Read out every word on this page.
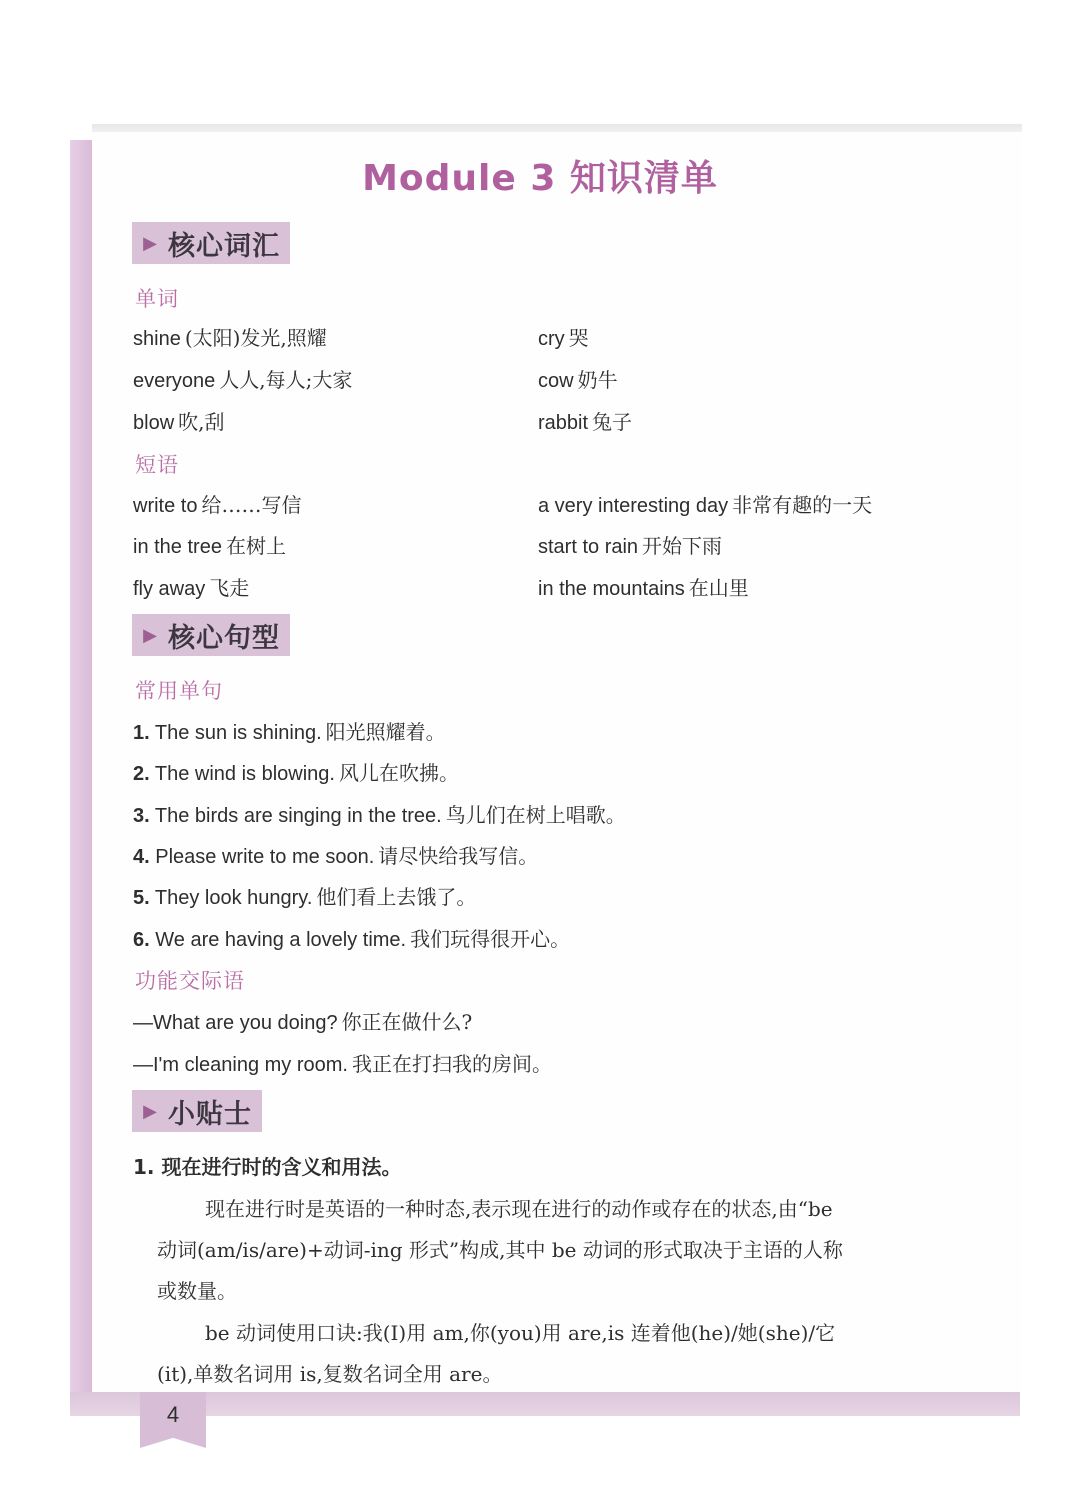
Module 3 知识清单
▶ 核心词汇
单词
shine (太阳)发光,照耀	cry 哭
everyone 人人,每人;大家	cow 奶牛
blow 吹,刮	rabbit 兔子
短语
write to 给……写信	a very interesting day 非常有趣的一天
in the tree 在树上	start to rain 开始下雨
fly away 飞走	in the mountains 在山里
▶ 核心句型
常用单句
1. The sun is shining. 阳光照耀着。
2. The wind is blowing. 风儿在吹拂。
3. The birds are singing in the tree. 鸟儿们在树上唱歌。
4. Please write to me soon. 请尽快给我写信。
5. They look hungry. 他们看上去饿了。
6. We are having a lovely time. 我们玩得很开心。
功能交际语
—What are you doing? 你正在做什么?
—I'm cleaning my room. 我正在打扫我的房间。
▶ 小贴士
1. 现在进行时的含义和用法。
现在进行时是英语的一种时态,表示现在进行的动作或存在的状态,由“be
动词(am/is/are)+动词-ing 形式”构成,其中 be 动词的形式取决于主语的人称
或数量。
be 动词使用口诀:我(I)用 am,你(you)用 are,is 连着他(he)/她(she)/它
(it),单数名词用 is,复数名词全用 are。
4
